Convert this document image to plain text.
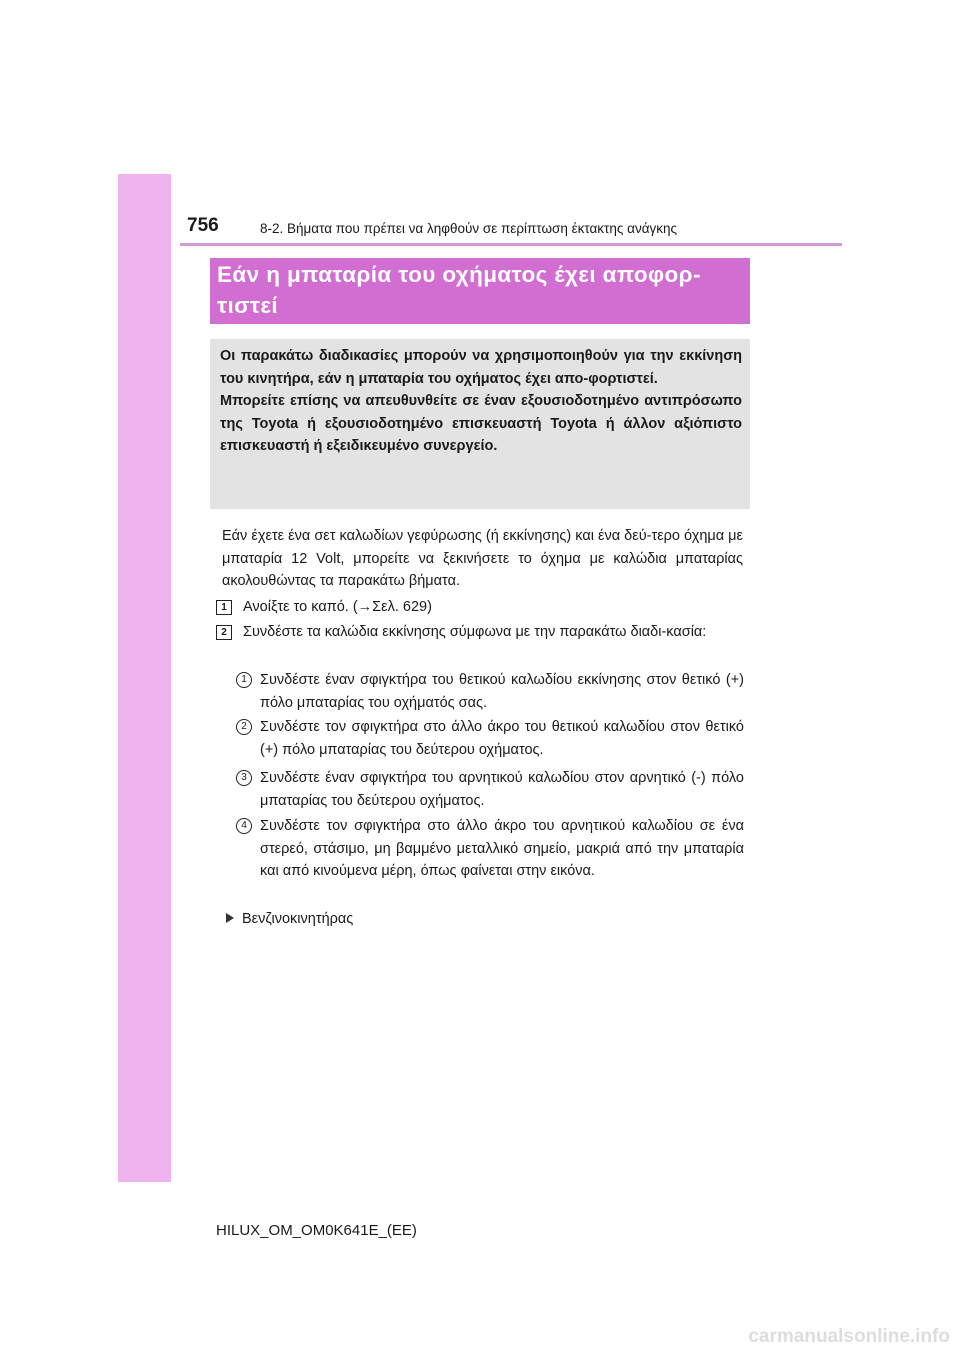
756	8-2. Βήματα που πρέπει να ληφθούν σε περίπτωση έκτακτης ανάγκης
Εάν η μπαταρία του οχήματος έχει αποφορ-τιστεί

Οι παρακάτω διαδικασίες μπορούν να χρησιμοποιηθούν για την εκκίνηση του κινητήρα, εάν η μπαταρία του οχήματος έχει απο-φορτιστεί.

Μπορείτε επίσης να απευθυνθείτε σε έναν εξουσιοδοτημένο αντιπρόσωπο της Toyota ή εξουσιοδοτημένο επισκευαστή Toyota ή άλλον αξιόπιστο επισκευαστή ή εξειδικευμένο συνεργείο.

Εάν έχετε ένα σετ καλωδίων γεφύρωσης (ή εκκίνησης) και ένα δεύ-τερο όχημα με μπαταρία 12 Volt, μπορείτε να ξεκινήσετε το όχημα με καλώδια μπαταρίας ακολουθώντας τα παρακάτω βήματα.
1	Ανοίξτε το καπό. (→Σελ. 629)
2	Συνδέστε τα καλώδια εκκίνησης σύμφωνα με την παρακάτω διαδι-κασία:
1 Συνδέστε έναν σφιγκτήρα του θετικού καλωδίου εκκίνησης στον θετικό (+) πόλο μπαταρίας του οχήματός σας.
2 Συνδέστε τον σφιγκτήρα στο άλλο άκρο του θετικού καλωδίου στον θετικό (+) πόλο μπαταρίας του δεύτερου οχήματος.
3 Συνδέστε έναν σφιγκτήρα του αρνητικού καλωδίου στον αρνητικό (-) πόλο μπαταρίας του δεύτερου οχήματος.
4 Συνδέστε τον σφιγκτήρα στο άλλο άκρο του αρνητικού καλωδίου σε ένα στερεό, στάσιμο, μη βαμμένο μεταλλικό σημείο, μακριά από την μπαταρία και από κινούμενα μέρη, όπως φαίνεται στην εικόνα.
Βενζινοκινητήρας
HILUX_OM_OM0K641E_(EE)
carmanualsonline.info
